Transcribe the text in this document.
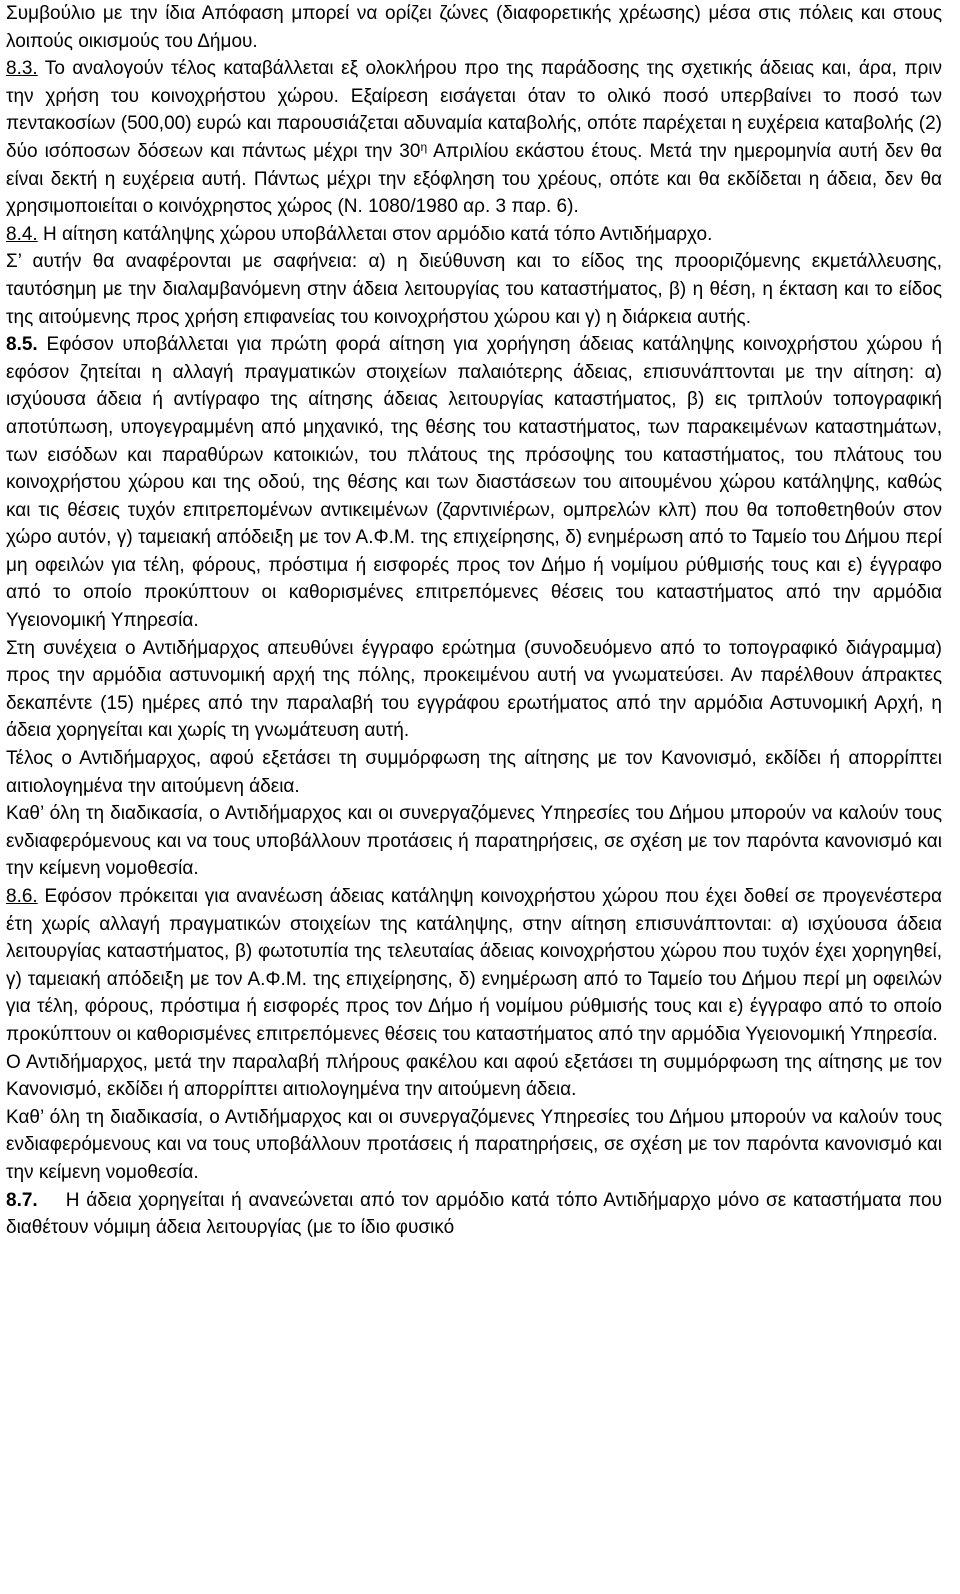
Συμβούλιο με την ίδια Απόφαση μπορεί να ορίζει ζώνες (διαφορετικής χρέωσης) μέσα στις πόλεις και στους λοιπούς οικισμούς του Δήμου.

8.3. Το αναλογούν τέλος καταβάλλεται εξ ολοκλήρου προ της παράδοσης της σχετικής άδειας και, άρα, πριν την χρήση του κοινοχρήστου χώρου. Εξαίρεση εισάγεται όταν το ολικό ποσό υπερβαίνει το ποσό των πεντακοσίων (500,00) ευρώ και παρουσιάζεται αδυναμία καταβολής, οπότε παρέχεται η ευχέρεια καταβολής (2) δύο ισόποσων δόσεων και πάντως μέχρι την $30^\eta$ Απριλίου εκάστου έτους. Μετά την ημερομηνία αυτή δεν θα είναι δεκτή η ευχέρεια αυτή. Πάντως μέχρι την εξόφληση του χρέους, οπότε και θα εκδίδεται η άδεια, δεν θα χρησιμοποιείται ο κοινόχρηστος χώρος (Ν. 1080/1980 αρ. 3 παρ. 6).

8.4. Η αίτηση κατάληψης χώρου υποβάλλεται στον αρμόδιο κατά τόπο Αντιδήμαρχο.

Σ’ αυτήν θα αναφέρονται με σαφήνεια: α) η διεύθυνση και το είδος της προοριζόμενης εκμετάλλευσης, ταυτόσημη με την διαλαμβανόμενη στην άδεια λειτουργίας του καταστήματος, β) η θέση, η έκταση και το είδος της αιτούμενης προς χρήση επιφανείας του κοινοχρήστου χώρου και γ) η διάρκεια αυτής.

8.5. Εφόσον υποβάλλεται για πρώτη φορά αίτηση για χορήγηση άδειας κατάληψης κοινοχρήστου χώρου ή εφόσον ζητείται η αλλαγή πραγματικών στοιχείων παλαιότερης άδειας, επισυνάπτονται με την αίτηση: α) ισχύουσα άδεια ή αντίγραφο της αίτησης άδειας λειτουργίας καταστήματος, β) εις τριπλούν τοπογραφική αποτύπωση, υπογεγραμμένη από μηχανικό, της θέσης του καταστήματος, των παρακειμένων καταστημάτων, των εισόδων και παραθύρων κατοικιών, του πλάτους της πρόσοψης του καταστήματος, του πλάτους του κοινοχρήστου χώρου και της οδού, της θέσης και των διαστάσεων του αιτουμένου χώρου κατάληψης, καθώς και τις θέσεις τυχόν επιτρεπομένων αντικειμένων (ζαρντινιέρων, ομπρελών κλπ) που θα τοποθετηθούν στον χώρο αυτόν, γ) ταμειακή απόδειξη με τον Α.Φ.Μ. της επιχείρησης, δ) ενημέρωση από το Ταμείο του Δήμου περί μη οφειλών για τέλη, φόρους, πρόστιμα ή εισφορές προς τον Δήμο ή νομίμου ρύθμισής τους και ε) έγγραφο από το οποίο προκύπτουν οι καθορισμένες επιτρεπόμενες θέσεις του καταστήματος από την αρμόδια Υγειονομική Υπηρεσία.

Στη συνέχεια ο Αντιδήμαρχος απευθύνει έγγραφο ερώτημα (συνοδευόμενο από το τοπογραφικό διάγραμμα) προς την αρμόδια αστυνομική αρχή της πόλης, προκειμένου αυτή να γνωματεύσει. Αν παρέλθουν άπρακτες δεκαπέντε (15) ημέρες από την παραλαβή του εγγράφου ερωτήματος από την αρμόδια Αστυνομική Αρχή, η άδεια χορηγείται και χωρίς τη γνωμάτευση αυτή.

Τέλος ο Αντιδήμαρχος, αφού εξετάσει τη συμμόρφωση της αίτησης με τον Κανονισμό, εκδίδει ή απορρίπτει αιτιολογημένα την αιτούμενη άδεια.

Καθ’ όλη τη διαδικασία, ο Αντιδήμαρχος και οι συνεργαζόμενες Υπηρεσίες του Δήμου μπορούν να καλούν τους ενδιαφερόμενους και να τους υποβάλλουν προτάσεις ή παρατηρήσεις, σε σχέση με τον παρόντα κανονισμό και την κείμενη νομοθεσία.

8.6. Εφόσον πρόκειται για ανανέωση άδειας κατάληψη κοινοχρήστου χώρου που έχει δοθεί σε προγενέστερα έτη χωρίς αλλαγή πραγματικών στοιχείων της κατάληψης, στην αίτηση επισυνάπτονται: α) ισχύουσα άδεια λειτουργίας καταστήματος, β) φωτοτυπία της τελευταίας άδειας κοινοχρήστου χώρου που τυχόν έχει χορηγηθεί, γ) ταμειακή απόδειξη με τον Α.Φ.Μ. της επιχείρησης, δ) ενημέρωση από το Ταμείο του Δήμου περί μη οφειλών για τέλη, φόρους, πρόστιμα ή εισφορές προς τον Δήμο ή νομίμου ρύθμισής τους και ε) έγγραφο από το οποίο προκύπτουν οι καθορισμένες επιτρεπόμενες θέσεις του καταστήματος από την αρμόδια Υγειονομική Υπηρεσία.

Ο Αντιδήμαρχος, μετά την παραλαβή πλήρους φακέλου και αφού εξετάσει τη συμμόρφωση της αίτησης με τον Κανονισμό, εκδίδει ή απορρίπτει αιτιολογημένα την αιτούμενη άδεια.

Καθ’ όλη τη διαδικασία, ο Αντιδήμαρχος και οι συνεργαζόμενες Υπηρεσίες του Δήμου μπορούν να καλούν τους ενδιαφερόμενους και να τους υποβάλλουν προτάσεις ή παρατηρήσεις, σε σχέση με τον παρόντα κανονισμό και την κείμενη νομοθεσία.

8.7. Η άδεια χορηγείται ή ανανεώνεται από τον αρμόδιο κατά τόπο Αντιδήμαρχο μόνο σε καταστήματα που διαθέτουν νόμιμη άδεια λειτουργίας (με το ίδιο φυσικό
